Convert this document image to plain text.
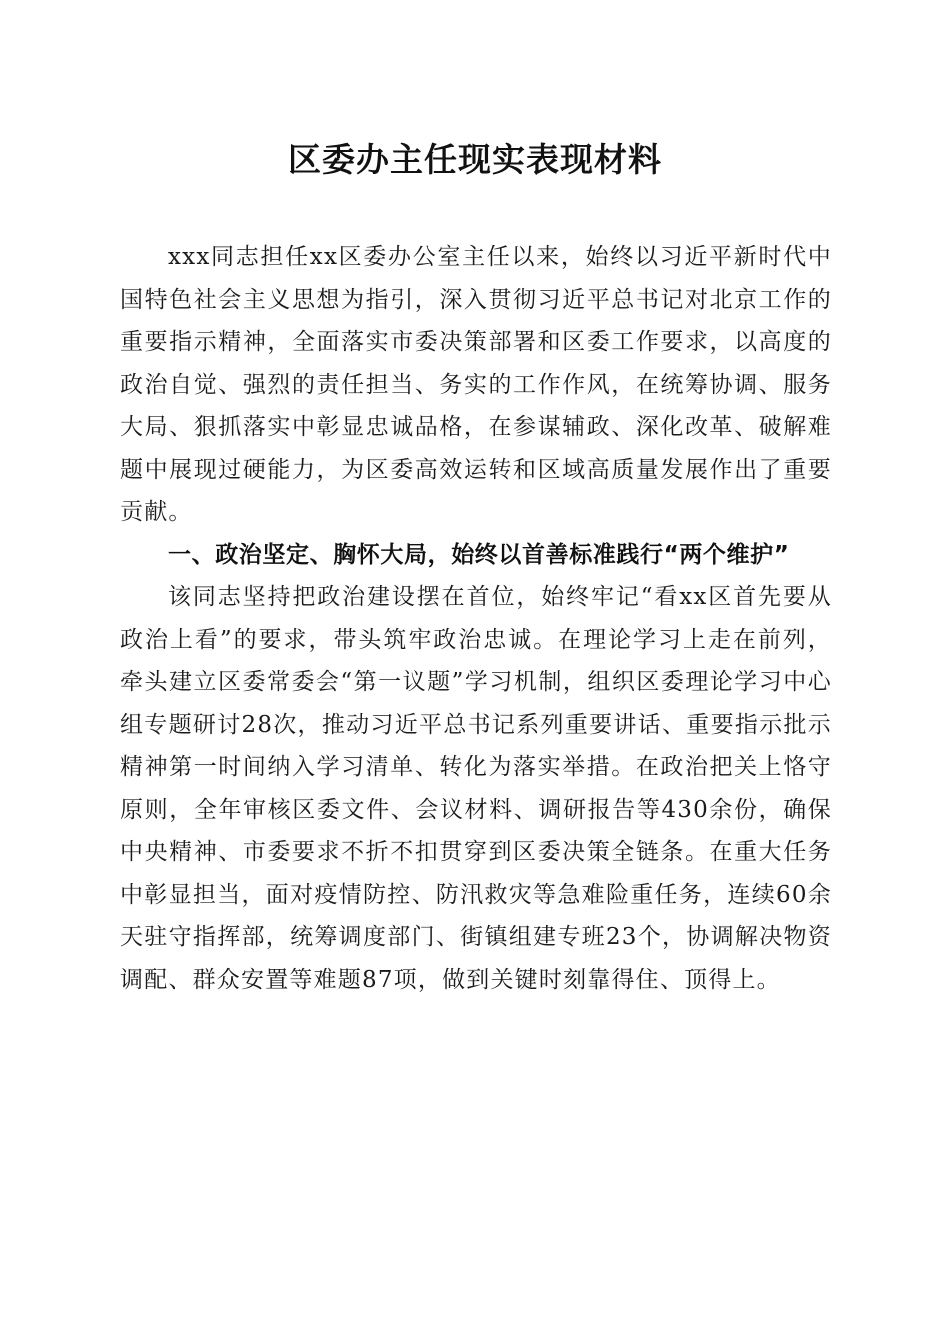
区委办主任现实表现材料

xxx同志担任xx区委办公室主任以来，始终以习近平新时代中国特色社会主义思想为指引，深入贯彻习近平总书记对北京工作的重要指示精神，全面落实市委决策部署和区委工作要求，以高度的政治自觉、强烈的责任担当、务实的工作作风，在统筹协调、服务大局、狠抓落实中彰显忠诚品格，在参谋辅政、深化改革、破解难题中展现过硬能力，为区委高效运转和区域高质量发展作出了重要贡献。

一、政治坚定、胸怀大局，始终以首善标准践行“两个维护”

该同志坚持把政治建设摆在首位，始终牢记“看xx区首先要从政治上看”的要求，带头筑牢政治忠诚。在理论学习上走在前列，牵头建立区委常委会“第一议题”学习机制，组织区委理论学习中心组专题研讨28次，推动习近平总书记系列重要讲话、重要指示批示精神第一时间纳入学习清单、转化为落实举措。在政治把关上恪守原则，全年审核区委文件、会议材料、调研报告等430余份，确保中央精神、市委要求不折不扣贯穿到区委决策全链条。在重大任务中彰显担当，面对疫情防控、防汛救灾等急难险重任务，连续60余天驻守指挥部，统筹调度部门、街镇组建专班23个，协调解决物资调配、群众安置等难题87项，做到关键时刻靠得住、顶得上。
